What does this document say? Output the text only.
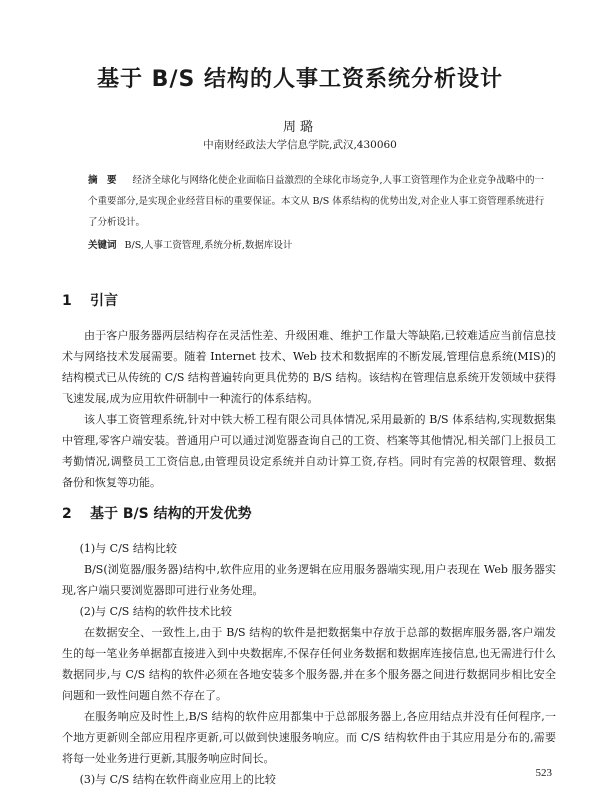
基于 B/S 结构的人事工资系统分析设计
周璐
中南财经政法大学信息学院,武汉,430060
摘　要 经济全球化与网络化使企业面临日益激烈的全球化市场竞争,人事工资管理作为企业竞争战略中的一个重要部分,是实现企业经营目标的重要保证。本文从 B/S 体系结构的优势出发,对企业人事工资管理系统进行了分析设计。
关键词 B/S,人事工资管理,系统分析,数据库设计
1 引言

由于客户服务器两层结构存在灵活性差、升级困难、维护工作量大等缺陷,已较难适应当前信息技术与网络技术发展需要。随着 Internet 技术、Web 技术和数据库的不断发展,管理信息系统(MIS)的结构模式已从传统的 C/S 结构普遍转向更具优势的 B/S 结构。该结构在管理信息系统开发领域中获得飞速发展,成为应用软件研制中一种流行的体系结构。

该人事工资管理系统,针对中铁大桥工程有限公司具体情况,采用最新的 B/S 体系结构,实现数据集中管理,零客户端安装。普通用户可以通过浏览器查询自己的工资、档案等其他情况,相关部门上报员工考勤情况,调整员工工资信息,由管理员设定系统并自动计算工资,存档。同时有完善的权限管理、数据备份和恢复等功能。

2 基于 B/S 结构的开发优势

(1)与 C/S 结构比较

B/S(浏览器/服务器)结构中,软件应用的业务逻辑在应用服务器端实现,用户表现在 Web 服务器实现,客户端只要浏览器即可进行业务处理。

(2)与 C/S 结构的软件技术比较

在数据安全、一致性上,由于 B/S 结构的软件是把数据集中存放于总部的数据库服务器,客户端发生的每一笔业务单据都直接进入到中央数据库,不保存任何业务数据和数据库连接信息,也无需进行什么数据同步,与 C/S 结构的软件必须在各地安装多个服务器,并在多个服务器之间进行数据同步相比安全问题和一致性问题自然不存在了。

在服务响应及时性上,B/S 结构的软件应用都集中于总部服务器上,各应用结点并没有任何程序,一个地方更新则全部应用程序更新,可以做到快速服务响应。而 C/S 结构软件由于其应用是分布的,需要将每一处业务进行更新,其服务响应时间长。

(3)与 C/S 结构在软件商业应用上的比较	523
